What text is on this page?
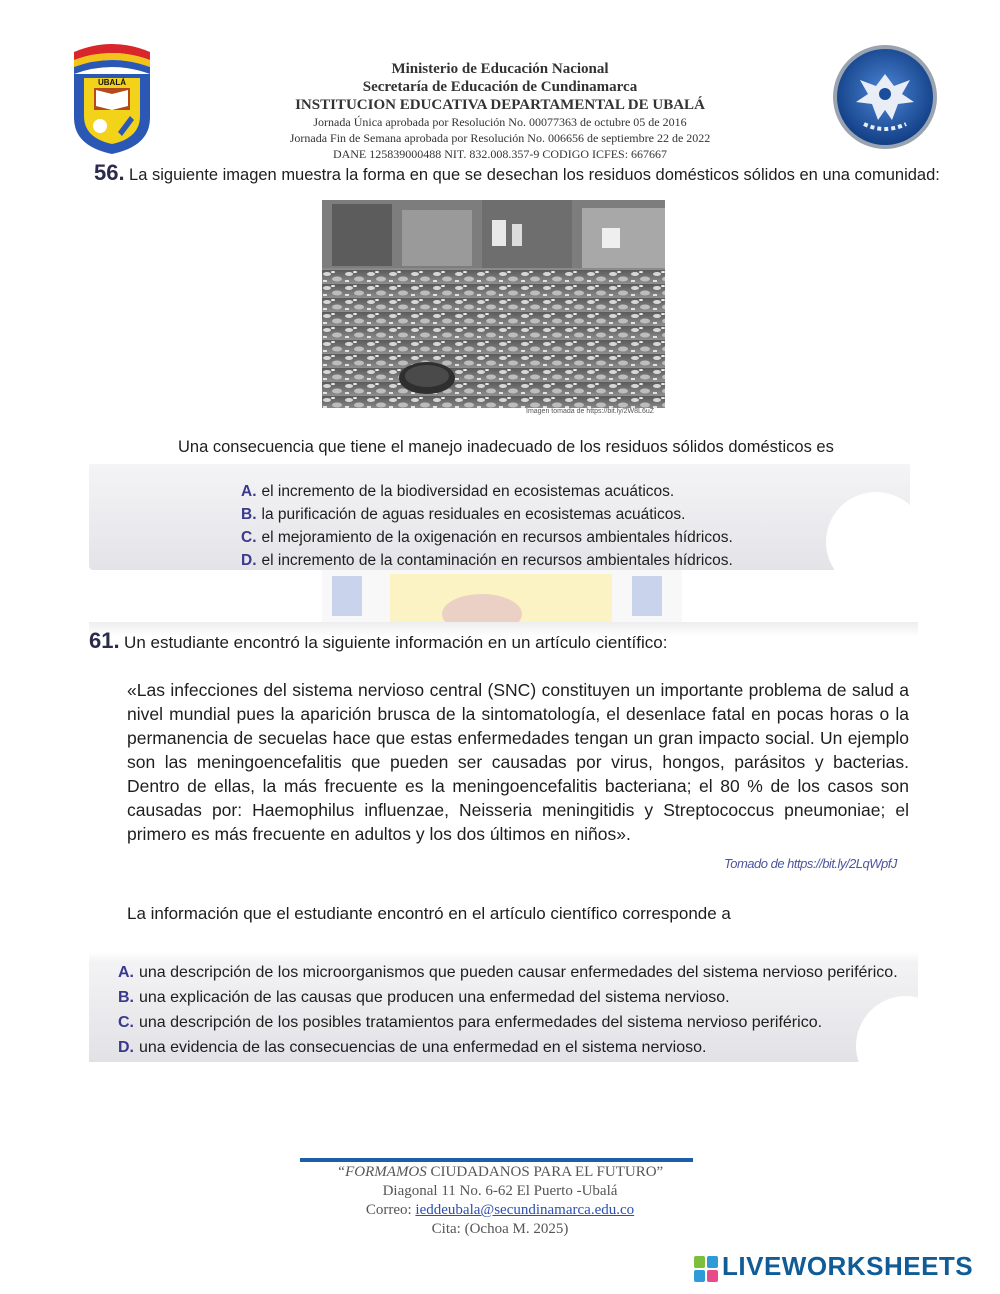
UBALÁ
Ministerio de Educación Nacional
Secretaría de Educación de Cundinamarca
INSTITUCION EDUCATIVA DEPARTAMENTAL DE UBALÁ
Jornada Única aprobada por Resolución No. 00077363 de octubre 05 de 2016
Jornada Fin de Semana aprobada por Resolución No. 006656 de septiembre 22 de 2022
DANE 125839000488 NIT. 832.008.357-9 CODIGO ICFES: 667667
56. La siguiente imagen muestra la forma en que se desechan los residuos domésticos sólidos en una comunidad:
Imagen tomada de https://bit.ly/2W8L6uZ
Una consecuencia que tiene el manejo inadecuado de los residuos sólidos domésticos es
A. el incremento de la biodiversidad en ecosistemas acuáticos.
B. la purificación de aguas residuales en ecosistemas acuáticos.
C. el mejoramiento de la oxigenación en recursos ambientales hídricos.
D. el incremento de la contaminación en recursos ambientales hídricos.
61. Un estudiante encontró la siguiente información en un artículo científico:
«Las infecciones del sistema nervioso central (SNC) constituyen un importante problema de salud a nivel mundial pues la aparición brusca de la sintomatología, el desenlace fatal en pocas horas o la permanencia de secuelas hace que estas enfermedades tengan un gran impacto social. Un ejemplo son las meningoencefalitis que pueden ser causadas por virus, hongos, parásitos y bacterias. Dentro de ellas, la más frecuente es la meningoencefalitis bacteriana; el 80 % de los casos son causadas por: Haemophilus influenzae, Neisseria meningitidis y Streptococcus pneumoniae; el primero es más frecuente en adultos y los dos últimos en niños».
Tomado de https://bit.ly/2LqWpfJ
La información que el estudiante encontró en el artículo científico corresponde a
A. una descripción de los microorganismos que pueden causar enfermedades del sistema nervioso periférico.
B. una explicación de las causas que producen una enfermedad del sistema nervioso.
C. una descripción de los posibles tratamientos para enfermedades del sistema nervioso periférico.
D. una evidencia de las consecuencias de una enfermedad en el sistema nervioso.
“FORMAMOS CIUDADANOS PARA EL FUTURO”
Diagonal 11 No. 6-62 El Puerto -Ubalá
Correo: ieddeubala@secundinamarca.edu.co
Cita: (Ochoa M. 2025)
LIVEWORKSHEETS
